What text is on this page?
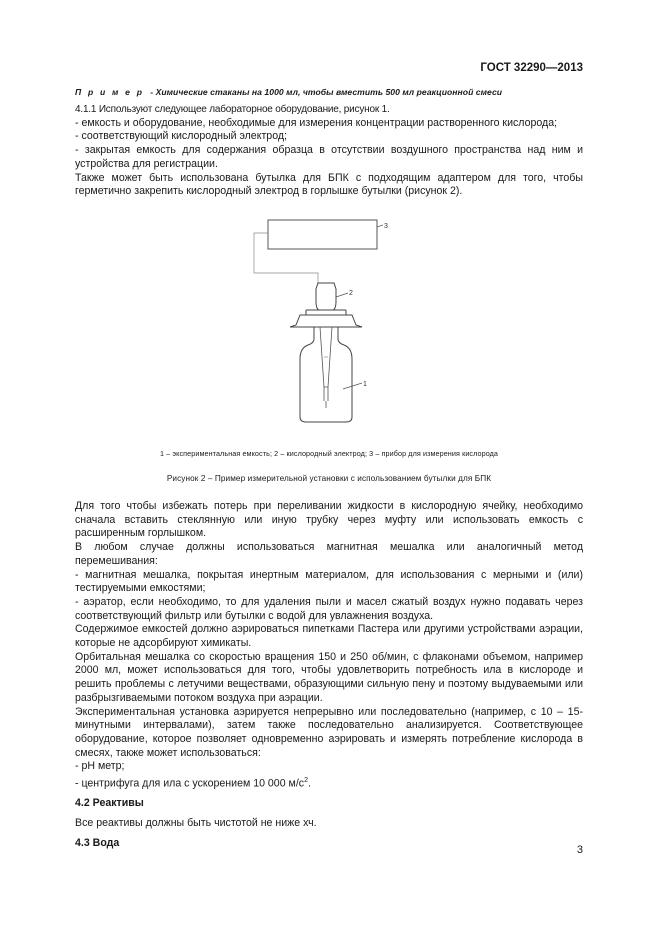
ГОСТ 32290—2013
П р и м е р - Химические стаканы на 1000 мл, чтобы вместить 500 мл реакционной смеси

4.1.1 Используют следующее лабораторное оборудование, рисунок 1.

- емкость и оборудование, необходимые для измерения концентрации растворенного кислорода;

- соответствующий кислородный электрод;

- закрытая емкость для содержания образца в отсутствии воздушного пространства над ним и устройства для регистрации.

Также может быть использована бутылка для БПК с подходящим адаптером для того, чтобы герметично закрепить кислородный электрод в горлышке бутылки (рисунок 2).

3
2
1
1 – экспериментальная емкость; 2 – кислородный электрод; 3 – прибор для измерения кислорода
Рисунок 2 – Пример измерительной установки с использованием бутылки для БПК

Для того чтобы избежать потерь при переливании жидкости в кислородную ячейку, необходимо сначала вставить стеклянную или иную трубку через муфту или использовать емкость с расширенным горлышком.

В любом случае должны использоваться магнитная мешалка или аналогичный метод перемешивания:

- магнитная мешалка, покрытая инертным материалом, для использования с мерными и (или) тестируемыми емкостями;

- аэратор, если необходимо, то для удаления пыли и масел сжатый воздух нужно подавать через соответствующий фильтр или бутылки с водой для увлажнения воздуха.

Содержимое емкостей должно аэрироваться пипетками Пастера или другими устройствами аэрации, которые не адсорбируют химикаты.

Орбитальная мешалка со скоростью вращения 150 и 250 об/мин, с флаконами объемом, например 2000 мл, может использоваться для того, чтобы удовлетворить потребность ила в кислороде и решить проблемы с летучими веществами, образующими сильную пену и поэтому выдуваемыми или разбрызгиваемыми потоком воздуха при аэрации.

Экспериментальная установка аэрируется непрерывно или последовательно (например, с 10 – 15-минутными интервалами), затем также последовательно анализируется. Соответствующее оборудование, которое позволяет одновременно аэрировать и измерять потребление кислорода в смесях, также может использоваться:

- pH метр;

- центрифуга для ила с ускорением 10 000 $м/с^2$.

4.2 Реактивы

Все реактивы должны быть чистотой не ниже хч.

4.3 Вода

3
